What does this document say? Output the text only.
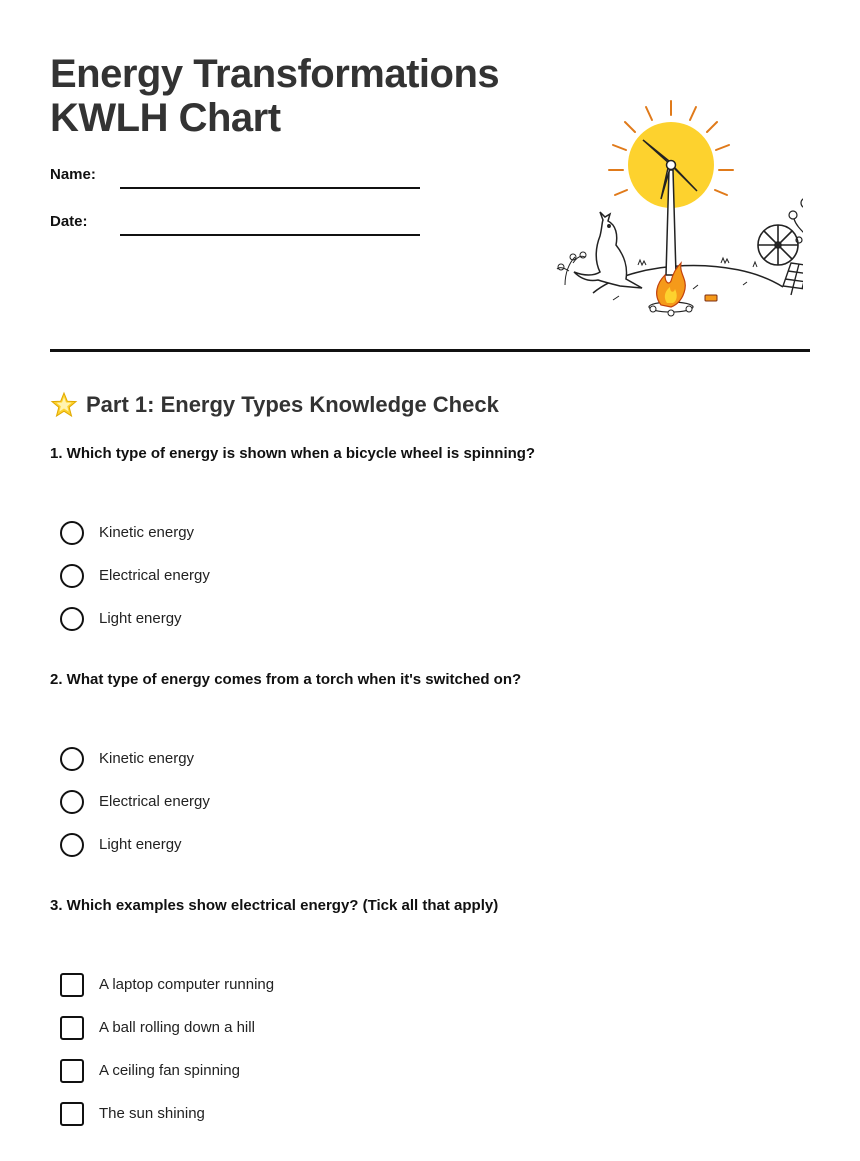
Energy Transformations
KWLH Chart
Name:
Date:
Part 1: Energy Types Knowledge Check

1. Which type of energy is shown when a bicycle wheel is spinning?

Kinetic energy
Electrical energy
Light energy

2. What type of energy comes from a torch when it's switched on?

Kinetic energy
Electrical energy
Light energy

3. Which examples show electrical energy? (Tick all that apply)

A laptop computer running
A ball rolling down a hill
A ceiling fan spinning
The sun shining
